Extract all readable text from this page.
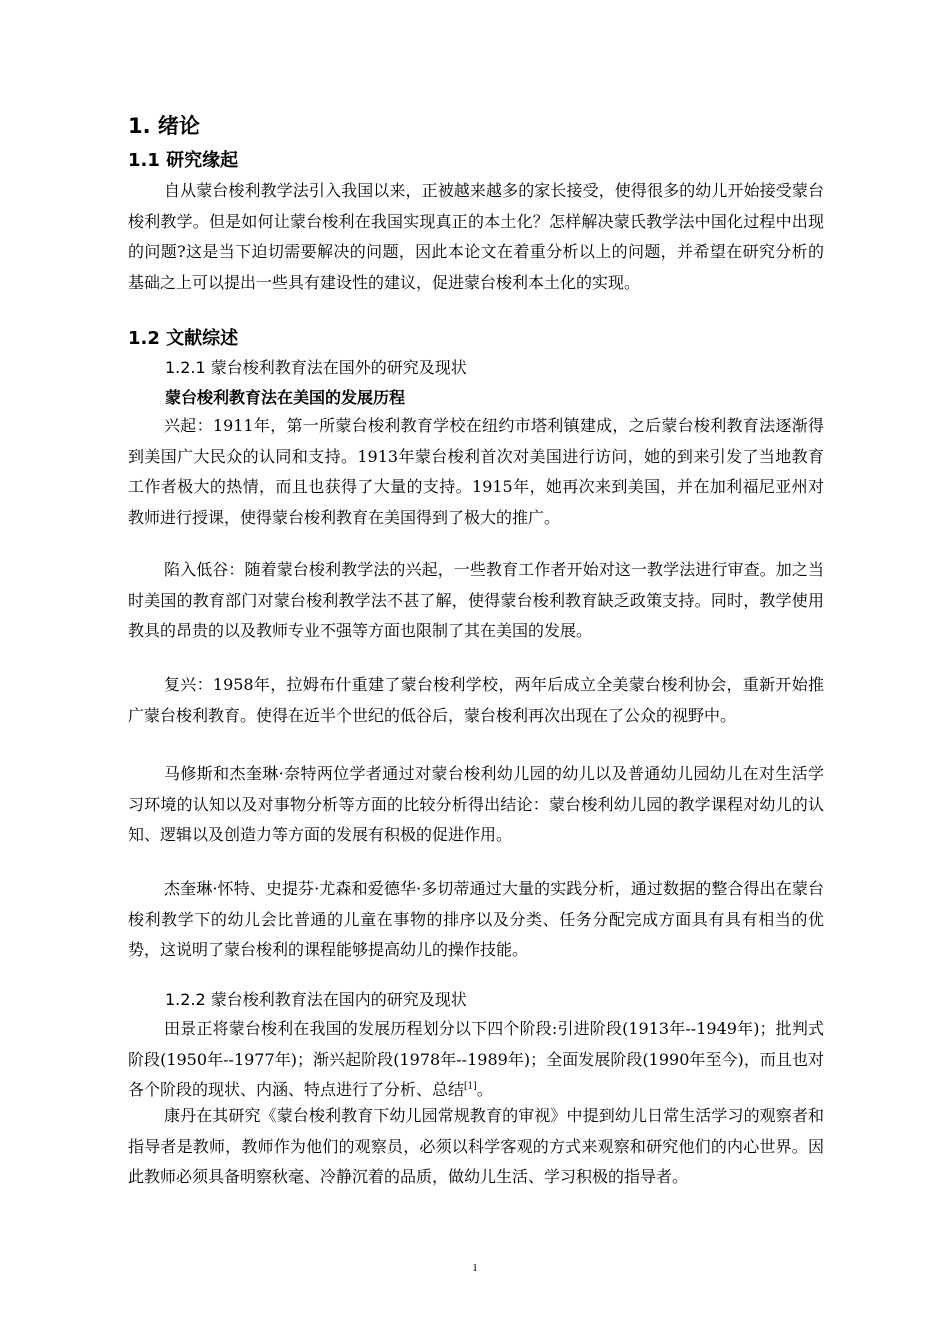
1. 绪论
1.1 研究缘起

自从蒙台梭利教学法引入我国以来，正被越来越多的家长接受，使得很多的幼儿开始接受蒙台梭利教学。但是如何让蒙台梭利在我国实现真正的本土化？怎样解决蒙氏教学法中国化过程中出现的问题?这是当下迫切需要解决的问题，因此本论文在着重分析以上的问题，并希望在研究分析的基础之上可以提出一些具有建设性的建议，促进蒙台梭利本土化的实现。

1.2 文献综述
1.2.1 蒙台梭利教育法在国外的研究及现状
蒙台梭利教育法在美国的发展历程

兴起：1911年，第一所蒙台梭利教育学校在纽约市塔利镇建成，之后蒙台梭利教育法逐渐得到美国广大民众的认同和支持。1913年蒙台梭利首次对美国进行访问，她的到来引发了当地教育工作者极大的热情，而且也获得了大量的支持。1915年，她再次来到美国，并在加利福尼亚州对教师进行授课，使得蒙台梭利教育在美国得到了极大的推广。

陷入低谷：随着蒙台梭利教学法的兴起，一些教育工作者开始对这一教学法进行审查。加之当时美国的教育部门对蒙台梭利教学法不甚了解，使得蒙台梭利教育缺乏政策支持。同时，教学使用教具的昂贵的以及教师专业不强等方面也限制了其在美国的发展。

复兴：1958年，拉姆布什重建了蒙台梭利学校，两年后成立全美蒙台梭利协会，重新开始推广蒙台梭利教育。使得在近半个世纪的低谷后，蒙台梭利再次出现在了公众的视野中。

马修斯和杰奎琳·奈特两位学者通过对蒙台梭利幼儿园的幼儿以及普通幼儿园幼儿在对生活学习环境的认知以及对事物分析等方面的比较分析得出结论：蒙台梭利幼儿园的教学课程对幼儿的认知、逻辑以及创造力等方面的发展有积极的促进作用。

杰奎琳·怀特、史提芬·尤森和爱德华·多切蒂通过大量的实践分析，通过数据的整合得出在蒙台梭利教学下的幼儿会比普通的儿童在事物的排序以及分类、任务分配完成方面具有具有相当的优势，这说明了蒙台梭利的课程能够提高幼儿的操作技能。

1.2.2 蒙台梭利教育法在国内的研究及现状

田景正将蒙台梭利在我国的发展历程划分以下四个阶段:引进阶段(1913年--1949年)；批判式阶段(1950年--1977年)；渐兴起阶段(1978年--1989年)；全面发展阶段(1990年至今)，而且也对各个阶段的现状、内涵、特点进行了分析、总结[1]。

康丹在其研究《蒙台梭利教育下幼儿园常规教育的审视》中提到幼儿日常生活学习的观察者和指导者是教师，教师作为他们的观察员，必须以科学客观的方式来观察和研究他们的内心世界。因此教师必须具备明察秋毫、冷静沉着的品质，做幼儿生活、学习积极的指导者。

1
